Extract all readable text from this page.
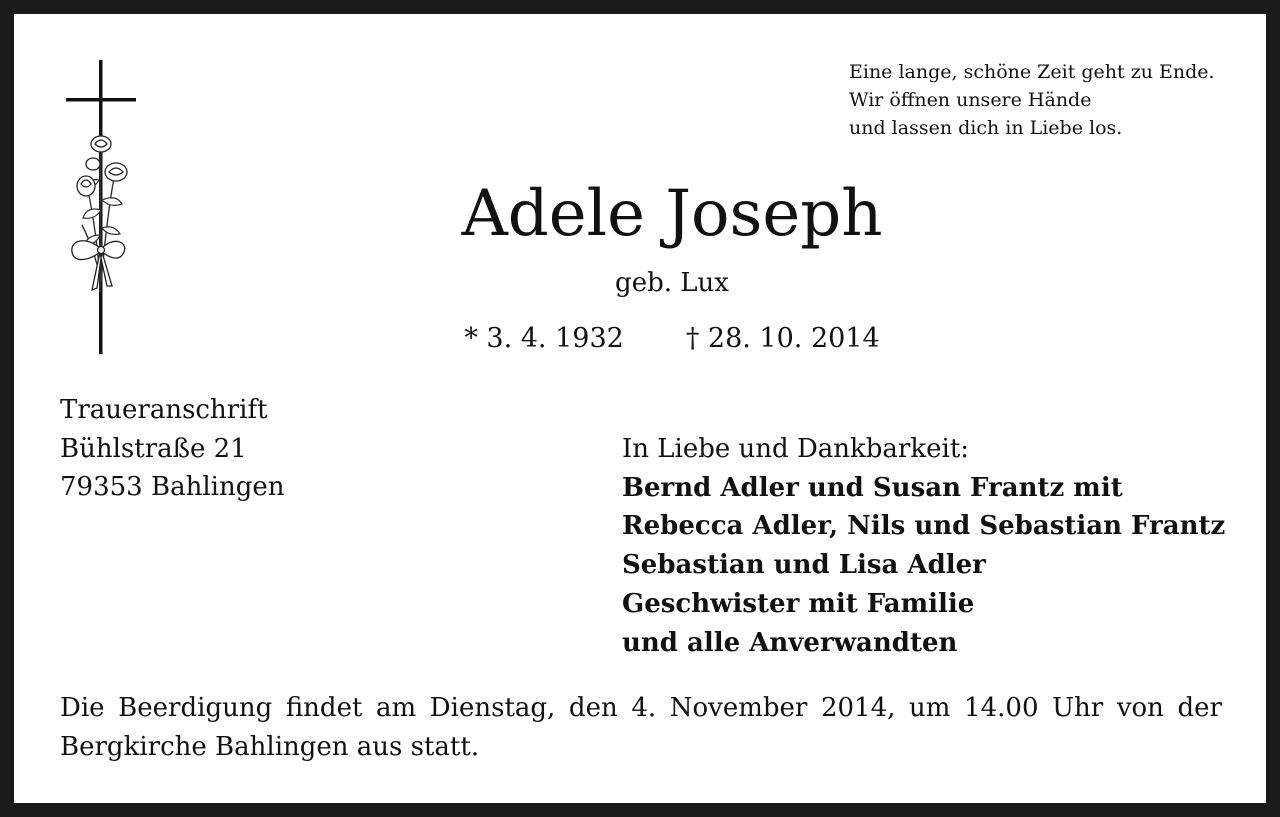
Eine lange, schöne Zeit geht zu Ende.
Wir öffnen unsere Hände
und lassen dich in Liebe los.
Adele Joseph
geb. Lux
* 3. 4. 1932 † 28. 10. 2014
Traueranschrift
Bühlstraße 21
79353 Bahlingen
In Liebe und Dankbarkeit:
Bernd Adler und Susan Frantz mit
Rebecca Adler, Nils und Sebastian Frantz
Sebastian und Lisa Adler
Geschwister mit Familie
und alle Anverwandten

Die Beerdigung findet am Dienstag, den 4. November 2014, um 14.00 Uhr von der Bergkirche Bahlingen aus statt.
